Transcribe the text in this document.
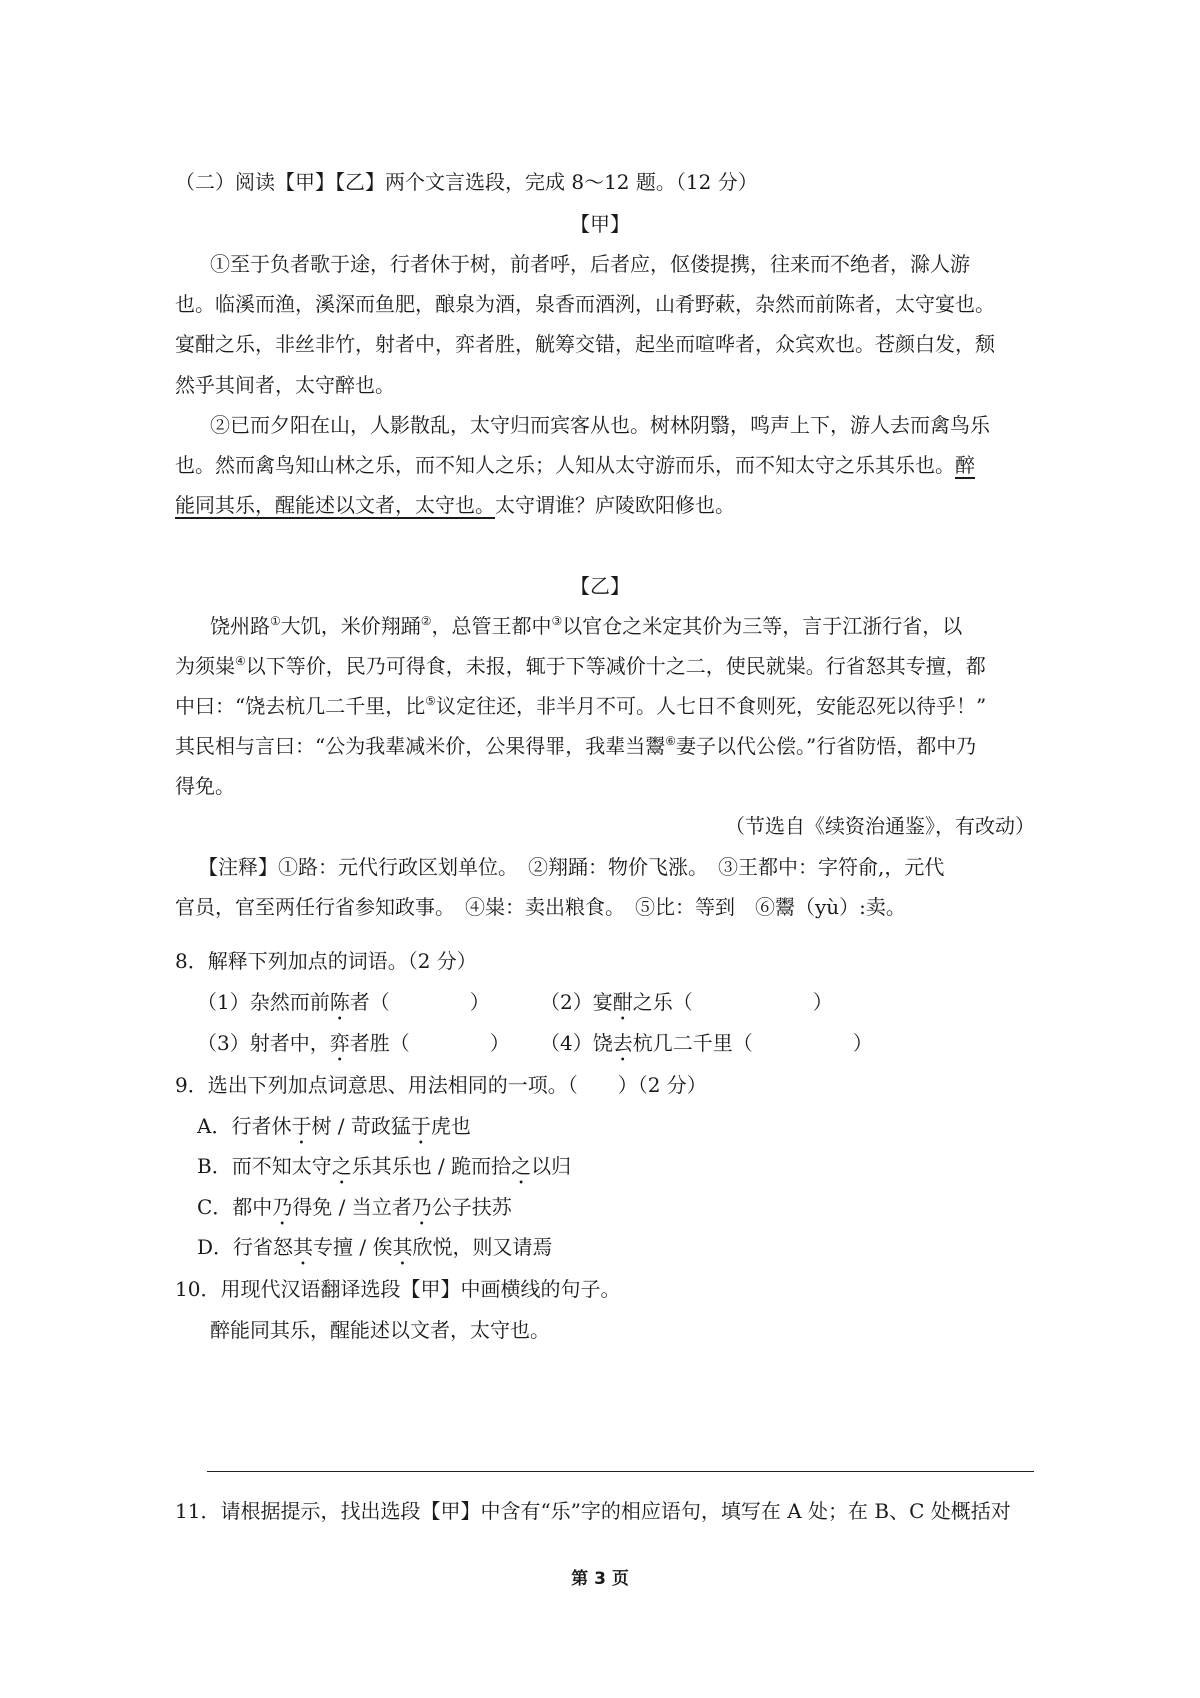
（二）阅读【甲】【乙】两个文言选段，完成 8～12 题。（12 分）
【甲】
①至于负者歌于途，行者休于树，前者呼，后者应，伛偻提携，往来而不绝者，滁人游
也。临溪而渔，溪深而鱼肥，酿泉为酒，泉香而酒洌，山肴野蔌，杂然而前陈者，太守宴也。
宴酣之乐，非丝非竹，射者中，弈者胜，觥筹交错，起坐而喧哗者，众宾欢也。苍颜白发，颓
然乎其间者，太守醉也。
②已而夕阳在山，人影散乱，太守归而宾客从也。树林阴翳，鸣声上下，游人去而禽鸟乐
也。然而禽鸟知山林之乐，而不知人之乐；人知从太守游而乐，而不知太守之乐其乐也。醉
能同其乐，醒能述以文者，太守也。太守谓谁？庐陵欧阳修也。
【乙】
饶州路①大饥，米价翔踊②，总管王都中③以官仓之米定其价为三等，言于江浙行省，以
为须粜④以下等价，民乃可得食，未报，辄于下等减价十之二，使民就粜。行省怒其专擅，都
中曰：“饶去杭几二千里，比⑤议定往还，非半月不可。人七日不食则死，安能忍死以待乎！”
其民相与言曰：“公为我辈减米价，公果得罪，我辈当鬻⑥妻子以代公偿。”行省防悟，都中乃
得免。
（节选自《续资治通鉴》，有改动）
【注释】①路：元代行政区划单位。　②翔踊：物价飞涨。　③王都中：字符俞,，元代
官员，官至两任行省参知政事。　④粜：卖出粮食。　⑤比：等到　⑥鬻（yù）:卖。
8．解释下列加点的词语。（2 分）
（1）杂然而前陈者（　　　　）	（2）宴酣之乐（　　　　　　）
（3）射者中，弈者胜（　　　　）	（4）饶去杭几二千里（　　　　　）
9．选出下列加点词意思、用法相同的一项。（　　）（2 分）
A．行者休于树 / 苛政猛于虎也
B．而不知太守之乐其乐也 / 跪而拾之以归
C．都中乃得免 / 当立者乃公子扶苏
D．行省怒其专擅 / 俟其欣悦，则又请焉
10．用现代汉语翻译选段【甲】中画横线的句子。
醉能同其乐，醒能述以文者，太守也。
11．请根据提示，找出选段【甲】中含有“乐”字的相应语句，填写在 A 处；在 B、C 处概括对
第 3 页
